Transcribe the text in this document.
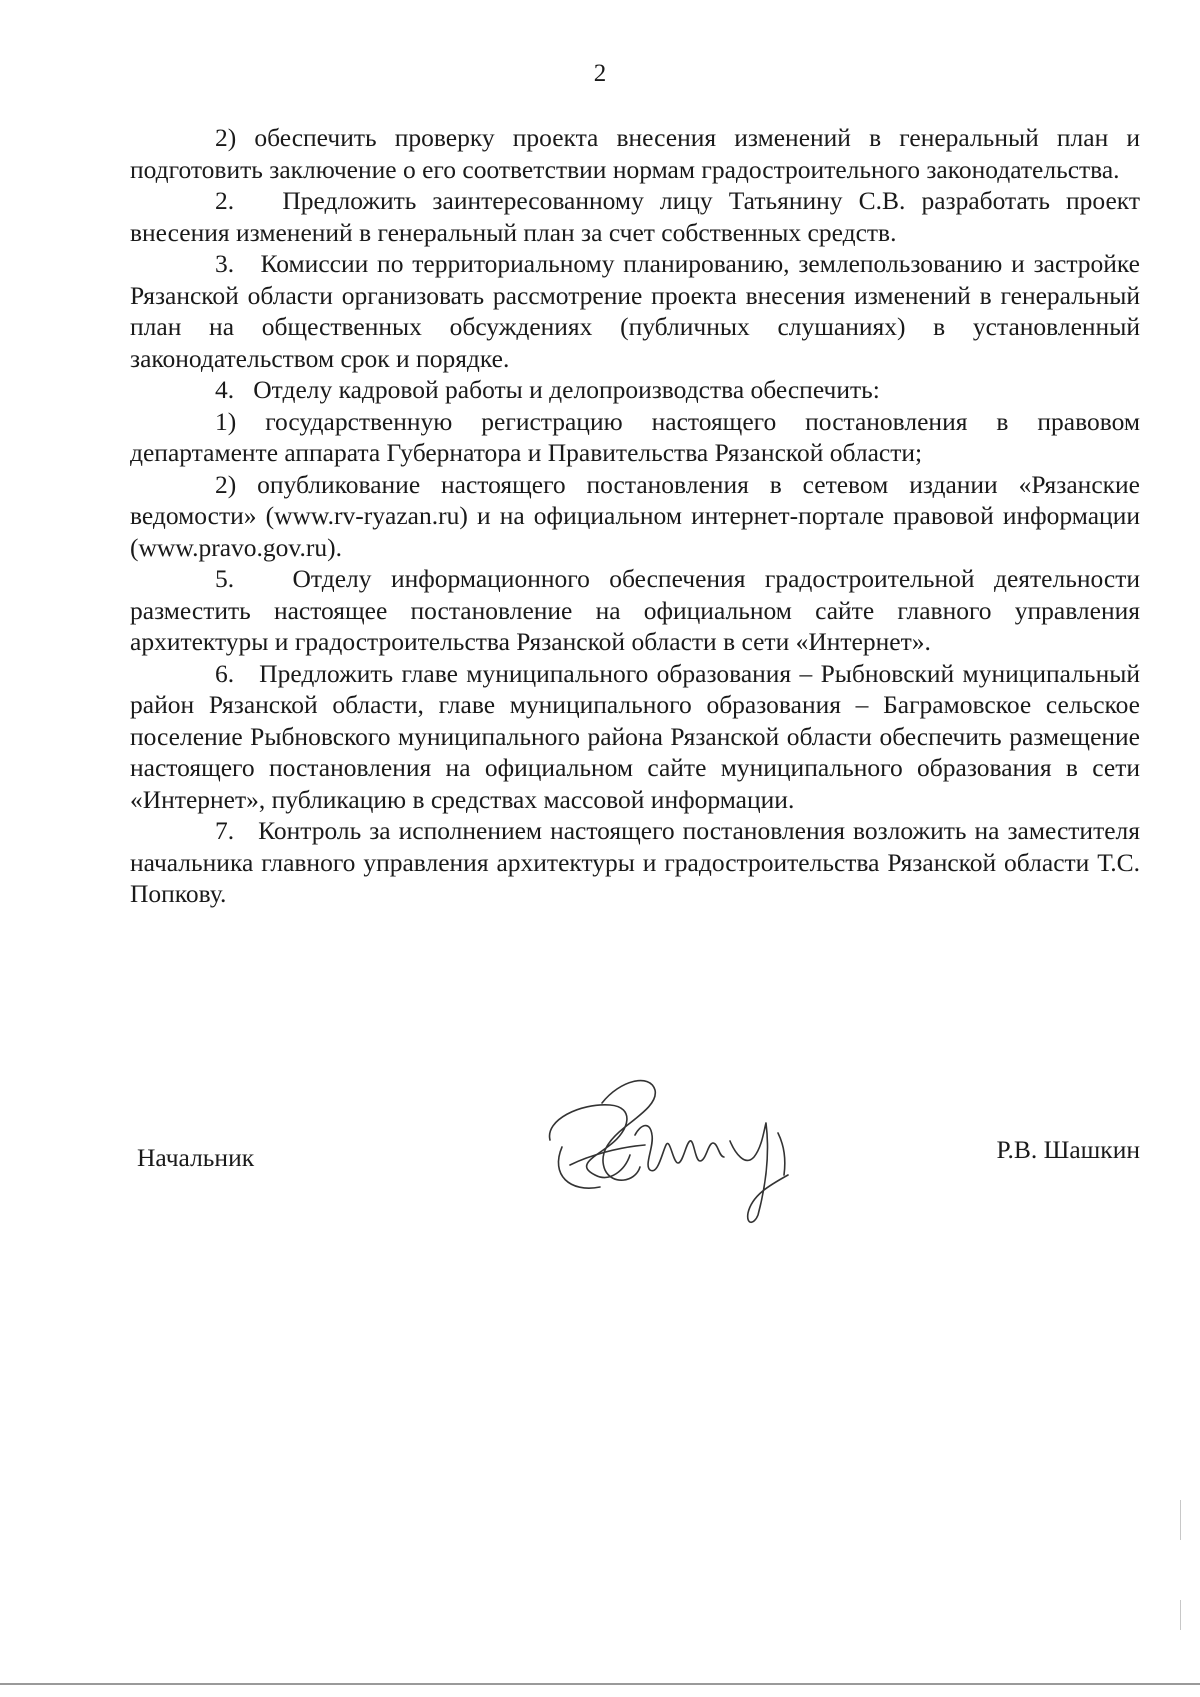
2

2) обеспечить проверку проекта внесения изменений в генеральный план и подготовить заключение о его соответствии нормам градостроительного законодательства.

2.   Предложить заинтересованному лицу Татьянину С.В. разработать проект внесения изменений в генеральный план за счет собственных средств.

3.   Комиссии по территориальному планированию, землепользованию и застройке Рязанской области организовать рассмотрение проекта внесения изменений в генеральный план на общественных обсуждениях (публичных слушаниях) в установленный законодательством срок и порядке.

4.   Отделу кадровой работы и делопроизводства обеспечить:

1) государственную регистрацию настоящего постановления в правовом департаменте аппарата Губернатора и Правительства Рязанской области;

2) опубликование настоящего постановления в сетевом издании «Рязанские ведомости» (www.rv-ryazan.ru) и на официальном интернет-портале правовой информации (www.pravo.gov.ru).

5.   Отделу информационного обеспечения градостроительной деятельности разместить настоящее постановление на официальном сайте главного управления архитектуры и градостроительства Рязанской области в сети «Интернет».

6.   Предложить главе муниципального образования – Рыбновский муниципальный район Рязанской области, главе муниципального образования – Баграмовское сельское поселение Рыбновского муниципального района Рязанской области обеспечить размещение настоящего постановления на официальном сайте муниципального образования в сети «Интернет», публикацию в средствах массовой информации.

7.   Контроль за исполнением настоящего постановления возложить на заместителя начальника главного управления архитектуры и градостроительства Рязанской области Т.С. Попкову.

Начальник	Р.В. Шашкин
